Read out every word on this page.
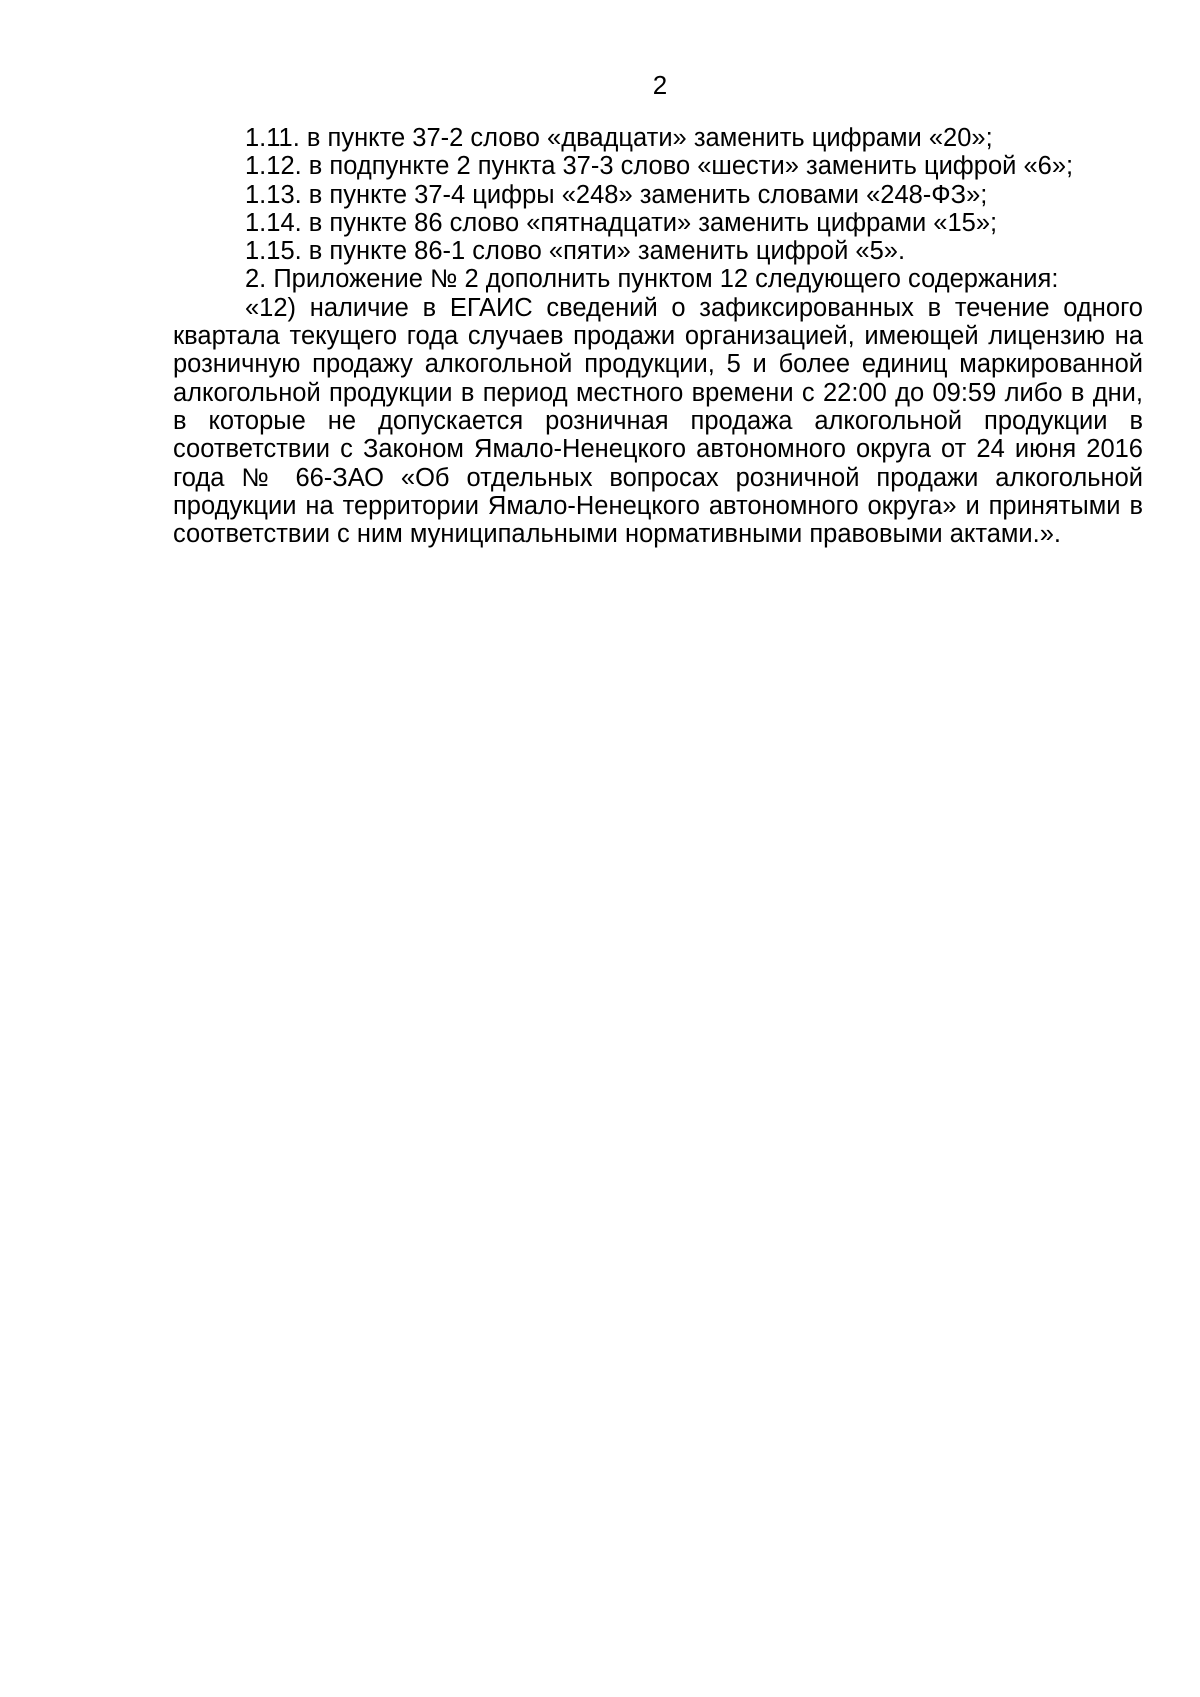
2

1.11. в пункте 37-2 слово «двадцати» заменить цифрами «20»;

1.12. в подпункте 2 пункта 37-3 слово «шести» заменить цифрой «6»;

1.13. в пункте 37-4 цифры «248» заменить словами «248-ФЗ»;

1.14. в пункте 86 слово «пятнадцати» заменить цифрами «15»;

1.15. в пункте 86-1 слово «пяти» заменить цифрой «5».

2. Приложение № 2 дополнить пунктом 12 следующего содержания:

«12) наличие в ЕГАИС сведений о зафиксированных в течение одного квартала текущего года случаев продажи организацией, имеющей лицензию на розничную продажу алкогольной продукции, 5 и более единиц маркированной алкогольной продукции в период местного времени с 22:00 до 09:59 либо в дни, в которые не допускается розничная продажа алкогольной продукции в соответствии с Законом Ямало-Ненецкого автономного округа от 24 июня 2016 года № 66-ЗАО «Об отдельных вопросах розничной продажи алкогольной продукции на территории Ямало-Ненецкого автономного округа» и принятыми в соответствии с ним муниципальными нормативными правовыми актами.».
